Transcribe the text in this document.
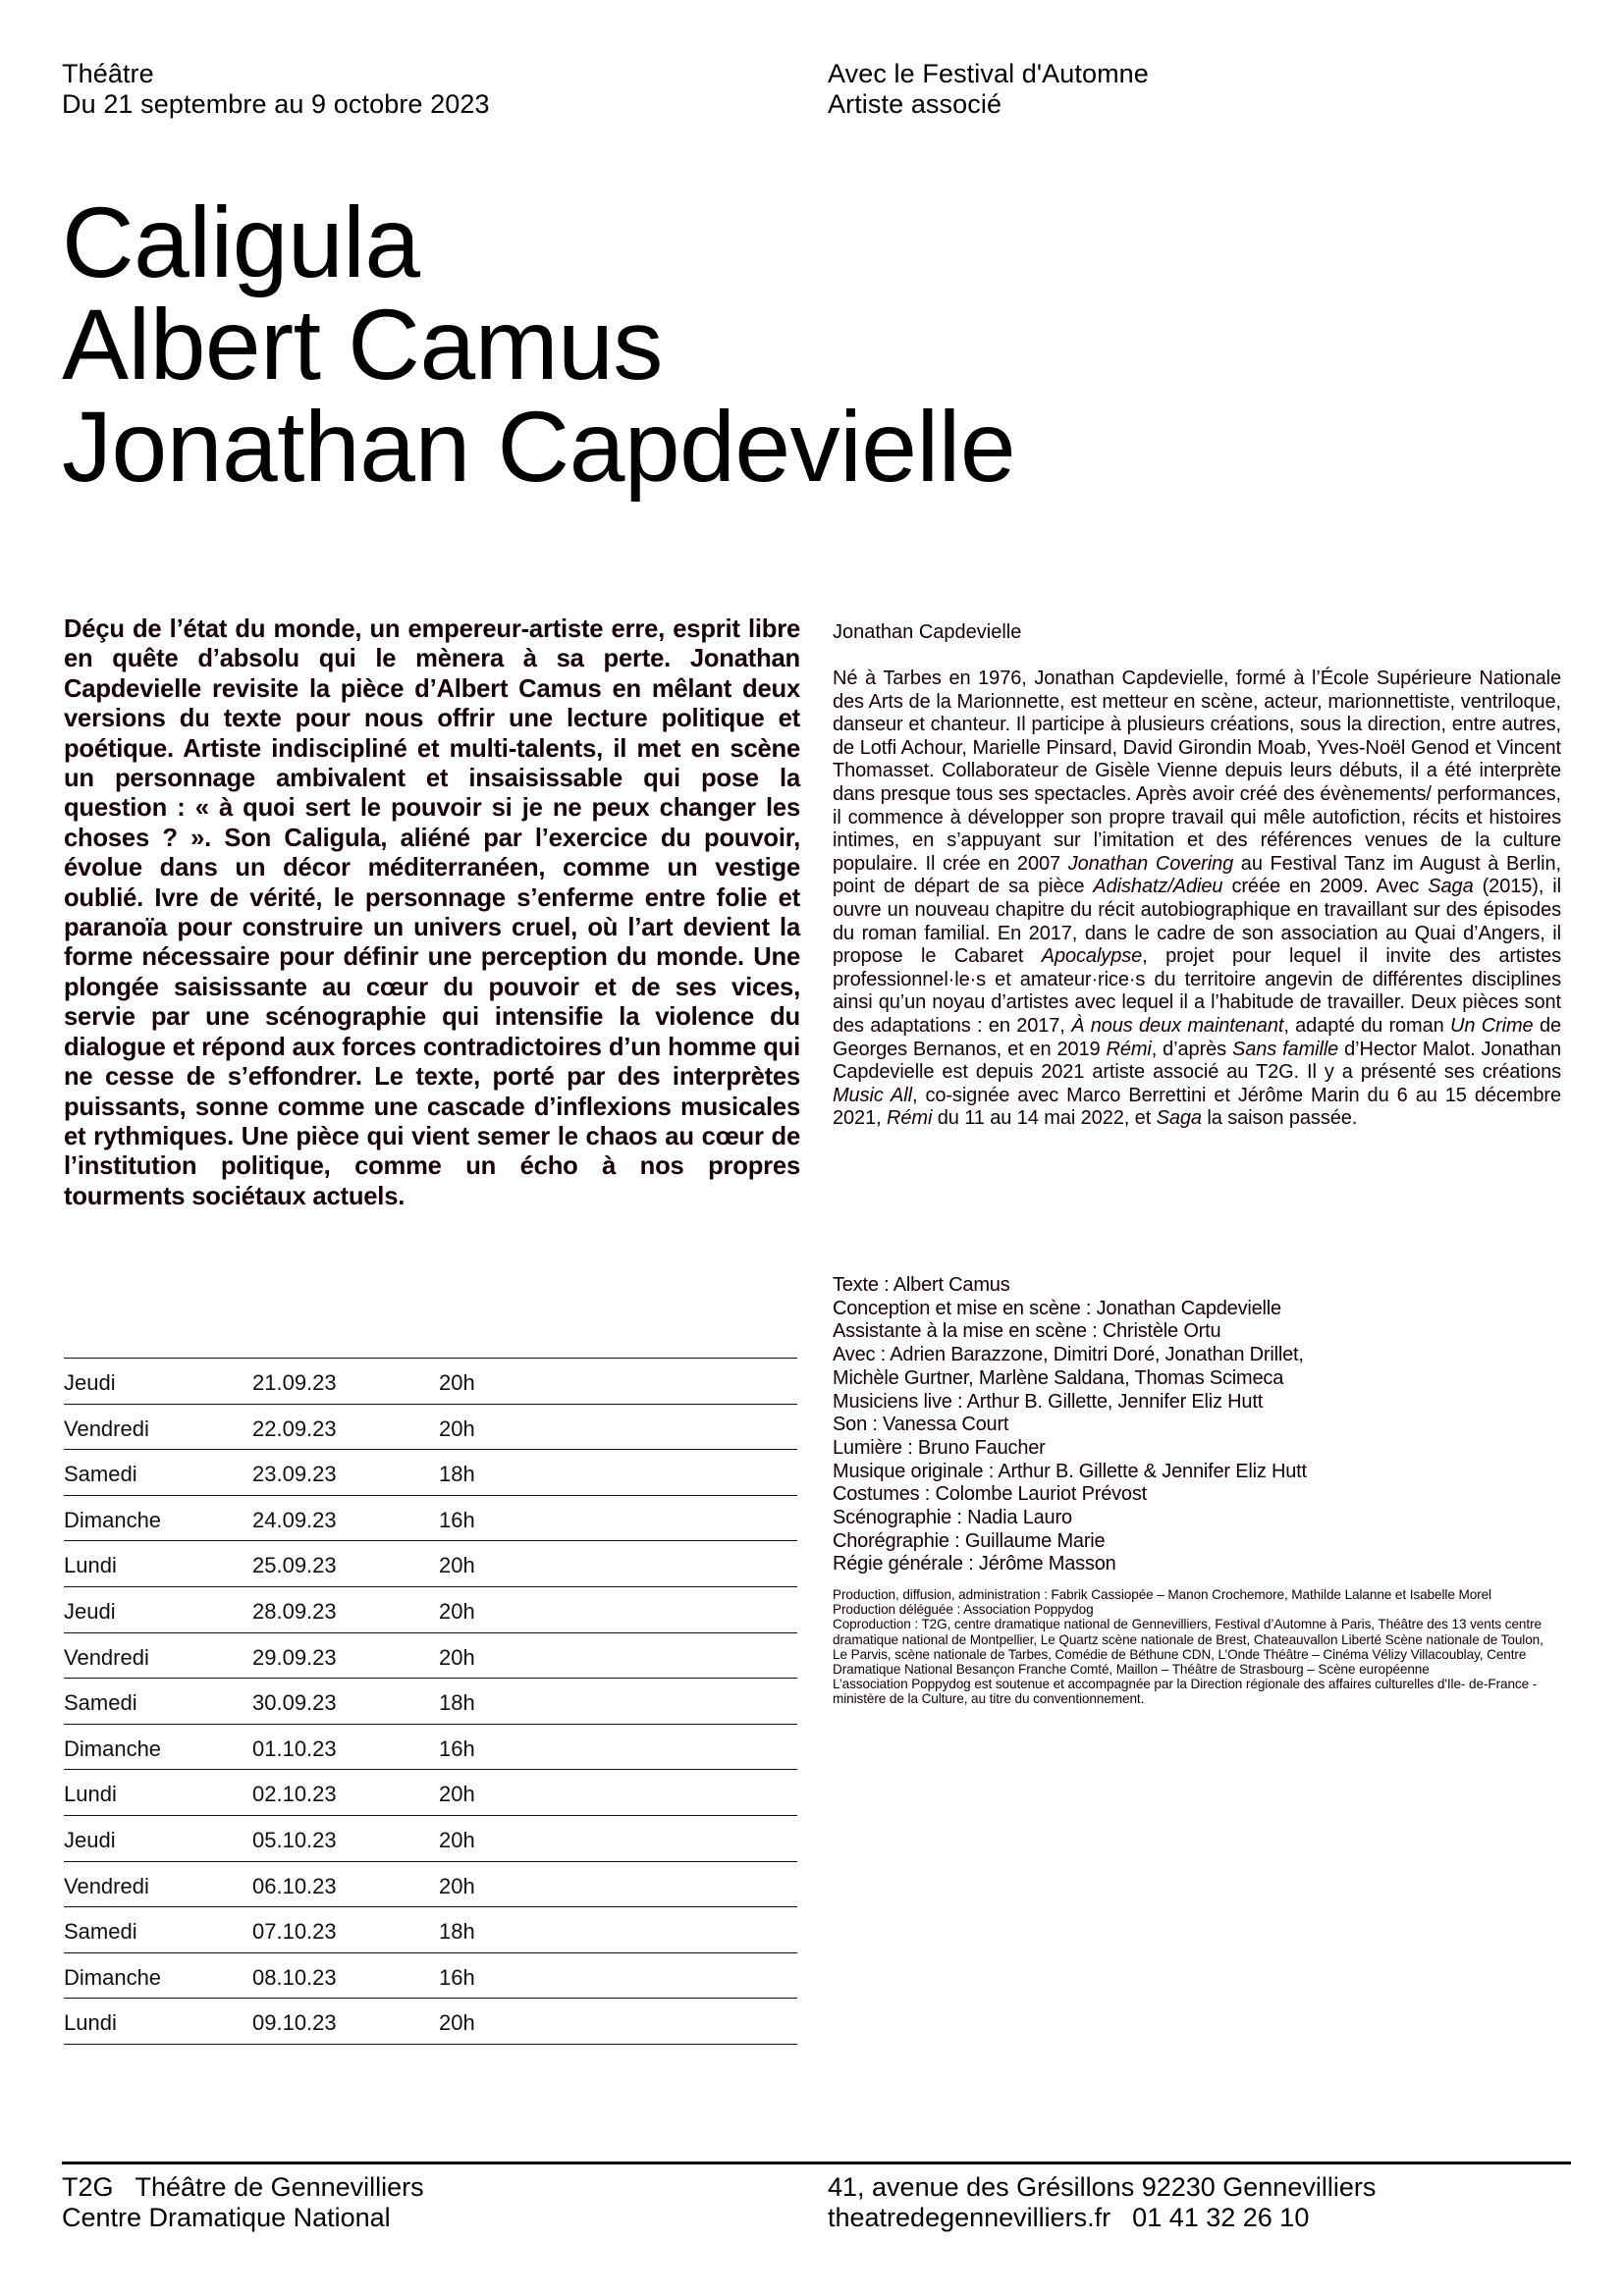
Théâtre
Du 21 septembre au 9 octobre 2023
Avec le Festival d'Automne
Artiste associé
Caligula
Albert Camus
Jonathan Capdevielle
Déçu de l’état du monde, un empereur-artiste erre, esprit libre en quête d’absolu qui le mènera à sa perte. Jonathan Capdevielle revisite la pièce d’Albert Camus en mêlant deux versions du texte pour nous offrir une lecture politique et poétique. Artiste indiscipliné et multi-talents, il met en scène un personnage ambivalent et insaisissable qui pose la question : « à quoi sert le pouvoir si je ne peux changer les choses ? ». Son Caligula, aliéné par l’exercice du pouvoir, évolue dans un décor méditerranéen, comme un vestige oublié. Ivre de vérité, le personnage s’enferme entre folie et paranoïa pour construire un univers cruel, où l’art devient la forme nécessaire pour définir une perception du monde. Une plongée saisissante au cœur du pouvoir et de ses vices, servie par une scénographie qui intensifie la violence du dialogue et répond aux forces contradictoires d’un homme qui ne cesse de s’effondrer. Le texte, porté par des interprètes puissants, sonne comme une cascade d’inflexions musicales et rythmiques. Une pièce qui vient semer le chaos au cœur de l’institution politique, comme un écho à nos propres tourments sociétaux actuels.
Jeudi	21.09.23	20h
Vendredi	22.09.23	20h
Samedi	23.09.23	18h
Dimanche	24.09.23	16h
Lundi	25.09.23	20h
Jeudi	28.09.23	20h
Vendredi	29.09.23	20h
Samedi	30.09.23	18h
Dimanche	01.10.23	16h
Lundi	02.10.23	20h
Jeudi	05.10.23	20h
Vendredi	06.10.23	20h
Samedi	07.10.23	18h
Dimanche	08.10.23	16h
Lundi	09.10.23	20h
Jonathan Capdevielle
Né à Tarbes en 1976, Jonathan Capdevielle, formé à l’École Supérieure Nationale des Arts de la Marionnette, est metteur en scène, acteur, marionnettiste, ventriloque, danseur et chanteur. Il participe à plusieurs créations, sous la direction, entre autres, de Lotfi Achour, Marielle Pinsard, David Girondin Moab, Yves-Noël Genod et Vincent Thomasset. Collaborateur de Gisèle Vienne depuis leurs débuts, il a été interprète dans presque tous ses spectacles. Après avoir créé des évènements/ performances, il commence à développer son propre travail qui mêle autofiction, récits et histoires intimes, en s’appuyant sur l’imitation et des références venues de la culture populaire. Il crée en 2007 Jonathan Covering au Festival Tanz im August à Berlin, point de départ de sa pièce Adishatz/Adieu créée en 2009. Avec Saga (2015), il ouvre un nouveau chapitre du récit autobiographique en travaillant sur des épisodes du roman familial. En 2017, dans le cadre de son association au Quai d’Angers, il propose le Cabaret Apocalypse, projet pour lequel il invite des artistes professionnel·le·s et amateur·rice·s du territoire angevin de différentes disciplines ainsi qu’un noyau d’artistes avec lequel il a l’habitude de travailler. Deux pièces sont des adaptations : en 2017, À nous deux maintenant, adapté du roman Un Crime de Georges Bernanos, et en 2019 Rémi, d’après Sans famille d’Hector Malot. Jonathan Capdevielle est depuis 2021 artiste associé au T2G. Il y a présenté ses créations Music All, co-signée avec Marco Berrettini et Jérôme Marin du 6 au 15 décembre 2021, Rémi du 11 au 14 mai 2022, et Saga la saison passée.
Texte : Albert Camus
Conception et mise en scène : Jonathan Capdevielle
Assistante à la mise en scène : Christèle Ortu
Avec : Adrien Barazzone, Dimitri Doré, Jonathan Drillet,
Michèle Gurtner, Marlène Saldana, Thomas Scimeca
Musiciens live : Arthur B. Gillette, Jennifer Eliz Hutt
Son : Vanessa Court
Lumière : Bruno Faucher
Musique originale : Arthur B. Gillette & Jennifer Eliz Hutt
Costumes : Colombe Lauriot Prévost
Scénographie : Nadia Lauro
Chorégraphie : Guillaume Marie
Régie générale : Jérôme Masson
Production, diffusion, administration : Fabrik Cassiopée – Manon Crochemore, Mathilde Lalanne et Isabelle Morel
Production déléguée : Association Poppydog
Coproduction : T2G, centre dramatique national de Gennevilliers, Festival d’Automne à Paris, Théâtre des 13 vents centre dramatique national de Montpellier, Le Quartz scène nationale de Brest, Chateauvallon Liberté Scène nationale de Toulon, Le Parvis, scène nationale de Tarbes, Comédie de Béthune CDN, L’Onde Théâtre – Cinéma Vélizy Villacoublay, Centre Dramatique National Besançon Franche Comté, Maillon – Théâtre de Strasbourg – Scène européenne
L’association Poppydog est soutenue et accompagnée par la Direction régionale des affaires culturelles d'Ile- de-France - ministère de la Culture, au titre du conventionnement.
T2G Théâtre de Gennevilliers
Centre Dramatique National
41, avenue des Grésillons 92230 Gennevilliers
theatredegennevilliers.fr 01 41 32 26 10
